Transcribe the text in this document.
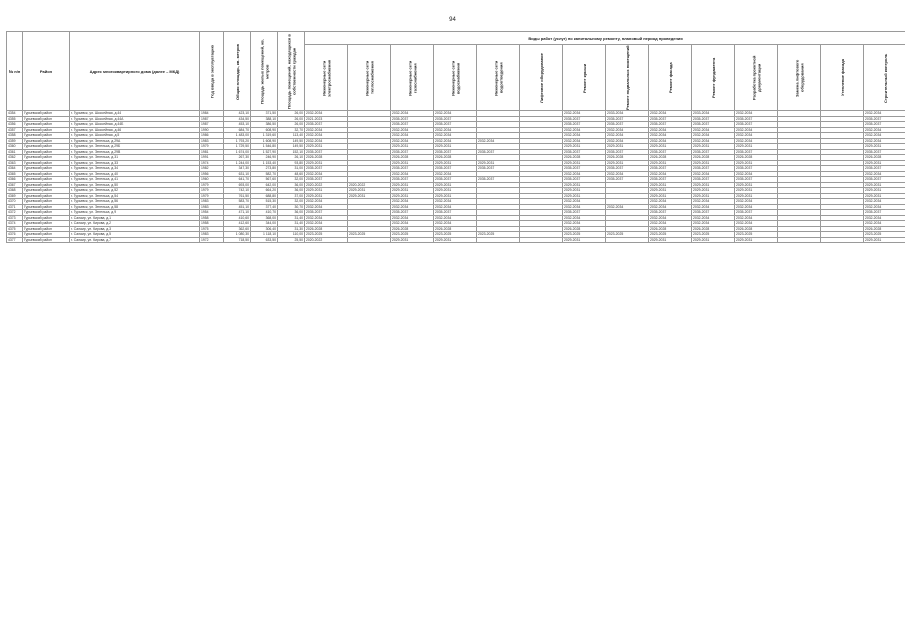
94
№ п/п	Район	Адрес многоквартирного дома (далее – МКД)	Год ввода в эксплуатацию	Общая площадь, кв. метров	Площадь жилых помещений, кв. метров	Площадь помещений, находящихся в собственности граждан	Виды работ (услуг) по капитальному ремонту, плановый период проведения													
							Инженерные сети электроснабжения	Инженерные сети теплоснабжения	Инженерные сети газоснабжения	Инженерные сети водоснабжения	Инженерные сети водоотведения	Лифтовое оборудование	Ремонт крыши	Ремонт подвальных помещений	Ремонт фасада	Ремонт фундамента	Разработка проектной документации	Замена лифтового оборудования	Утепление фасада	Строительный контроль
4354	Гурьевский район	г. Гурьевск, ул. Шоссейная, д.44	1984	423,10	371,50	26,00	2032-2034		2032-2034	2032-2034			2032-2034	2033-2034	2032-2034	2033-2034	2032-2034			2032-2034
4355	Гурьевский район	г. Гурьевск, ул. Шоссейная, д.44А	1987	434,50	388,10	26,00	2021-2023		2035-2037	2035-2037			2035-2037	2035-2037	2035-2037	2035-2037	2035-2037			2035-2037
4356	Гурьевский район	г. Гурьевск, ул. Шоссейная, д.44Б	1987	453,10	386,50	26,00	2035-2037		2035-2037	2035-2037			2035-2037	2035-2037	2035-2037	2035-2037	2035-2037			2035-2037
4357	Гурьевский район	г. Гурьевск, ул. Шоссейная, д.46	1990	684,70	608,90	32,70	2032-2034		2032-2034	2032-2034			2032-2034	2032-2034	2032-2034	2032-2034	2032-2034			2032-2034
4358	Гурьевский район	г. Гурьевск, ул. Шоссейная, д.5	1986	1 483,00	1 319,60	113,40	2032-2034		2032-2034	2032-2034			2032-2034	2032-2034	2032-2034	2032-2034	2032-2034			2032-2034
4359	Гурьевский район	г. Гурьевск, ул. Энгельса, д.29А	1983	1 793,20	1 608,90	149,50	2032-2034		2032-2034	2032-2034	2032-2034		2032-2034	2032-2034	2032-2034	2032-2034	2032-2034			2032-2034
4360	Гурьевский район	г. Гурьевск, ул. Энгельса, д.29Б	1979	1 729,50	1 546,80	149,50	2029-2031		2029-2031	2029-2031			2029-2031	2029-2031	2029-2031	2029-2031	2029-2031			2029-2031
4361	Гурьевский район	г. Гурьевск, ул. Энгельса, д.29В	1981	1 674,00	1 527,90	152,10	2035-2037		2035-2037	2035-2037	2035-2037		2035-2037	2035-2037	2035-2037	2035-2037	2035-2037			2035-2037
4362	Гурьевский район	г. Гурьевск, ул. Энгельса, д.31	1991	267,30	246,90	26,10	2026-2028		2026-2028	2026-2028			2026-2028	2026-2028	2026-2028	2026-2028	2026-2028			2026-2028
4363	Гурьевский район	г. Гурьевск, ул. Энгельса, д.33	1974	1 244,00	1 153,40	93,80	2029-2031		2029-2031	2029-2031	2029-2031		2029-2031	2029-2031	2029-2031	2029-2031	2029-2031			2029-2031
4364	Гурьевский район	г. Гурьевск, ул. Энгельса, д.34	1982	347,30	273,80	31,00	2035-2037		2035-2037	2035-2037	2035-2037		2035-2037	2035-2037	2035-2037	2035-2037	2035-2037			2035-2037
4365	Гурьевский район	г. Гурьевск, ул. Энгельса, д.40	1956	631,10	582,70	48,60	2032-2034		2032-2034	2032-2034			2032-2034	2032-2034	2032-2034	2032-2034	2032-2034			2032-2034
4366	Гурьевский район	г. Гурьевск, ул. Энгельса, д.41	1960	641,70	567,60	32,00	2035-2037		2035-2037	2035-2037	2035-2037		2035-2037	2035-2037	2035-2037	2035-2037	2035-2037			2035-2037
4367	Гурьевский район	г. Гурьевск, ул. Энгельса, д.50	1979	693,00	642,00	36,00	2020-2022	2020-2022	2029-2031	2029-2031			2029-2031		2029-2031	2029-2031	2029-2031			2029-2031
4368	Гурьевский район	г. Гурьевск, ул. Энгельса, д.52	1979	742,10	664,20	36,00	2029-2031	2029-2031	2029-2031	2029-2031			2029-2031		2029-2031	2029-2031	2029-2031			2029-2031
4369	Гурьевский район	г. Гурьевск, ул. Энгельса, д.54	1979	761,50	688,80	37,00	2029-2031	2029-2031	2029-2031	2029-2031			2029-2031		2029-2031	2029-2031	2029-2031			2029-2031
4370	Гурьевский район	г. Гурьевск, ул. Энгельса, д.56	1983	583,70	515,30	32,00	2032-2034		2032-2034	2032-2034			2032-2034		2032-2034	2032-2034	2032-2034			2032-2034
4371	Гурьевский район	г. Гурьевск, ул. Энгельса, д.58	1983	451,10	377,40	30,70	2032-2034		2032-2034	2032-2034			2032-2034	2032-2034	2032-2034	2032-2034	2032-2034			2032-2034
4372	Гурьевский район	г. Гурьевск, ул. Энгельса, д.9	1954	471,10	410,70	36,00	2035-2037		2035-2037	2035-2037			2035-2037		2035-2037	2035-2037	2035-2037			2035-2037
4373	Гурьевский район	г. Салаир, ул. Кирова, д.1	1958	410,60	368,00	31,40	2032-2034		2032-2034	2032-2034			2032-2034		2032-2034	2032-2034	2032-2034			2032-2034
4374	Гурьевский район	г. Салаир, ул. Кирова, д.2	1958	412,60	344,00	31,40	2032-2034		2032-2034	2032-2034			2032-2034		2032-2034	2032-2034	2032-2034			2032-2034
4375	Гурьевский район	г. Салаир, ул. Кирова, д.3	1975	362,60	306,40	31,30	2026-2028		2026-2028	2026-2028			2026-2028		2026-2028	2026-2028	2026-2028			2026-2028
4376	Гурьевский район	г. Салаир, ул. Кирова, д.5	1983	1 080,30	1 118,10	110,00	2023-2025	2023-2025	2023-2025	2023-2025	2023-2025		2023-2025	2023-2025	2023-2025	2023-2025	2023-2025			2023-2025
4377	Гурьевский район	г. Салаир, ул. Кирова, д.7	1972	718,50	633,50	25,50	2020-2022		2029-2031	2029-2031			2029-2031		2029-2031	2029-2031	2029-2031			2029-2031
